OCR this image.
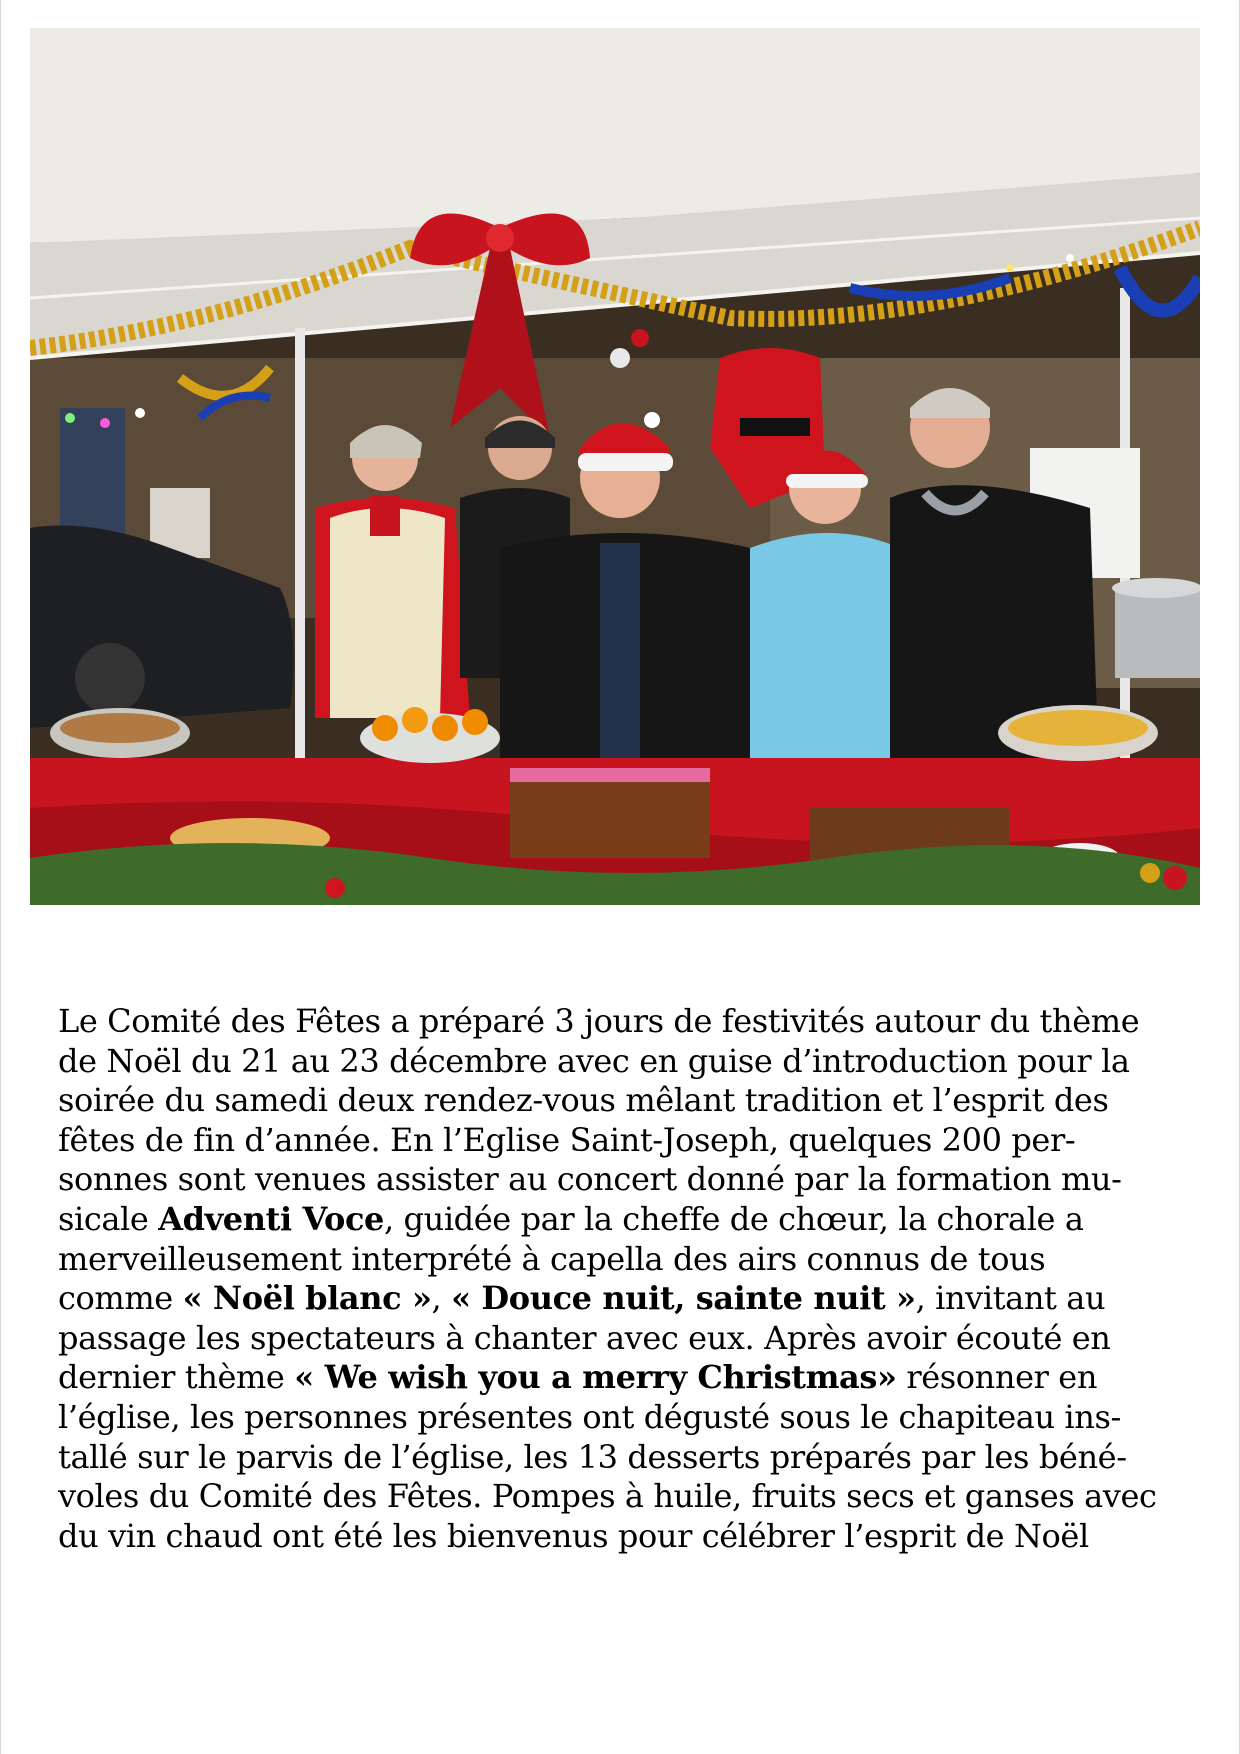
Le Comité des Fêtes a préparé 3 jours de festivités autour du thème
de Noël du 21 au 23 décembre avec en guise d’introduction pour la
soirée du samedi deux rendez-vous mêlant tradition et l’esprit des
fêtes de fin d’année. En l’Eglise Saint-Joseph, quelques 200 per-
sonnes sont venues assister au concert donné par la formation mu-
sicale Adventi Voce, guidée par la cheffe de chœur, la chorale a
merveilleusement interprété à capella des airs connus de tous
comme « Noël blanc », « Douce nuit, sainte nuit », invitant au
passage les spectateurs à chanter avec eux. Après avoir écouté en
dernier thème « We wish you a merry Christmas» résonner en
l’église, les personnes présentes ont dégusté sous le chapiteau ins-
tallé sur le parvis de l’église, les 13 desserts préparés par les béné-
voles du Comité des Fêtes. Pompes à huile, fruits secs et ganses avec
du vin chaud ont été les bienvenus pour célébrer l’esprit de Noël
